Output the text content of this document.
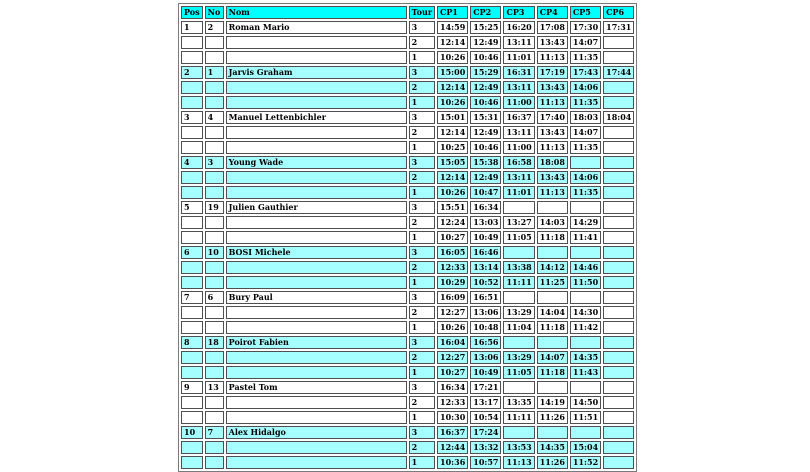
Pos	No	Nom	Tour	CP1	CP2	CP3	CP4	CP5	CP6
1	2	Roman Mario	3	14:59	15:25	16:20	17:08	17:30	17:31
			2	12:14	12:49	13:11	13:43	14:07	
			1	10:26	10:46	11:01	11:13	11:35	
2	1	Jarvis Graham	3	15:00	15:29	16:31	17:19	17:43	17:44
			2	12:14	12:49	13:11	13:43	14:06	
			1	10:26	10:46	11:00	11:13	11:35	
3	4	Manuel Lettenbichler	3	15:01	15:31	16:37	17:40	18:03	18:04
			2	12:14	12:49	13:11	13:43	14:07	
			1	10:25	10:46	11:00	11:13	11:35	
4	3	Young Wade	3	15:05	15:38	16:58	18:08		
			2	12:14	12:49	13:11	13:43	14:06	
			1	10:26	10:47	11:01	11:13	11:35	
5	19	Julien Gauthier	3	15:51	16:34				
			2	12:24	13:03	13:27	14:03	14:29	
			1	10:27	10:49	11:05	11:18	11:41	
6	10	BOSI Michele	3	16:05	16:46				
			2	12:33	13:14	13:38	14:12	14:46	
			1	10:29	10:52	11:11	11:25	11:50	
7	6	Bury Paul	3	16:09	16:51				
			2	12:27	13:06	13:29	14:04	14:30	
			1	10:26	10:48	11:04	11:18	11:42	
8	18	Poirot Fabien	3	16:04	16:56				
			2	12:27	13:06	13:29	14:07	14:35	
			1	10:27	10:49	11:05	11:18	11:43	
9	13	Pastel Tom	3	16:34	17:21				
			2	12:33	13:17	13:35	14:19	14:50	
			1	10:30	10:54	11:11	11:26	11:51	
10	7	Alex Hidalgo	3	16:37	17:24				
			2	12:44	13:32	13:53	14:35	15:04	
			1	10:36	10:57	11:13	11:26	11:52	
